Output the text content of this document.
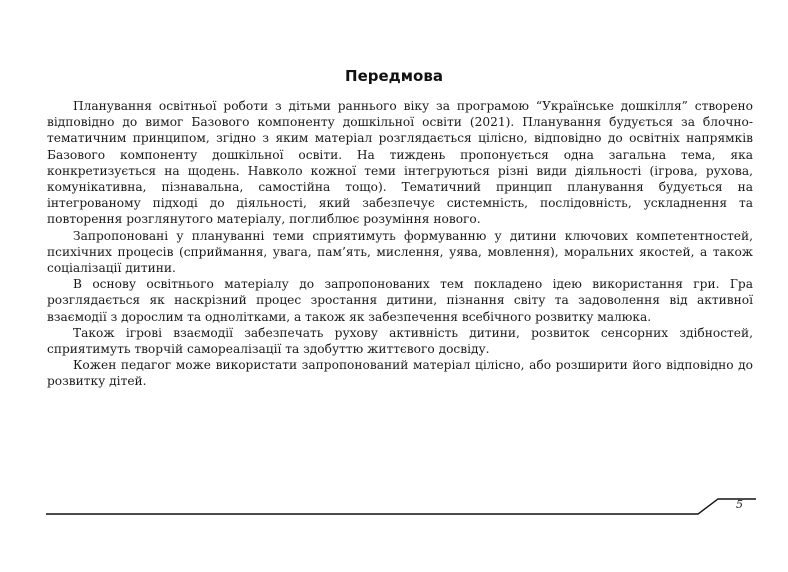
Передмова

Планування освітньої роботи з дітьми раннього віку за програмою “Українське дошкілля” створено відповідно до вимог Базового компоненту дошкільної освіти (2021). Планування будується за блочно-тематичним принципом, згідно з яким матеріал розглядається цілісно, відповідно до освітніх напрямків Базового компоненту дошкільної освіти. На тиждень пропонується одна загальна тема, яка конкретизується на щодень. Навколо кожної теми інтегруються різні види діяльності (ігрова, рухова, комунікативна, пізнавальна, самостійна тощо). Тематичний принцип планування будується на інтегрованому підході до діяльності, який забезпечує системність, послідовність, ускладнення та повторення розглянутого матеріалу, поглиблює розуміння нового.

Запропоновані у плануванні теми сприятимуть формуванню у дитини ключових компетентностей, психічних процесів (сприймання, увага, пам’ять, мислення, уява, мовлення), моральних якостей, а також соціалізації дитини.

В основу освітнього матеріалу до запропонованих тем покладено ідею використання гри. Гра розглядається як наскрізний процес зростання дитини, пізнання світу та задоволення від активної взаємодії з дорослим та однолітками, а також як забезпечення всебічного розвитку малюка.

Також ігрові взаємодії забезпечать рухову активність дитини, розвиток сенсорних здібностей, сприятимуть творчій самореалізації та здобуттю життєвого досвіду.

Кожен педагог може використати запропонований матеріал цілісно, або розширити його відповідно до розвитку дітей.

5
